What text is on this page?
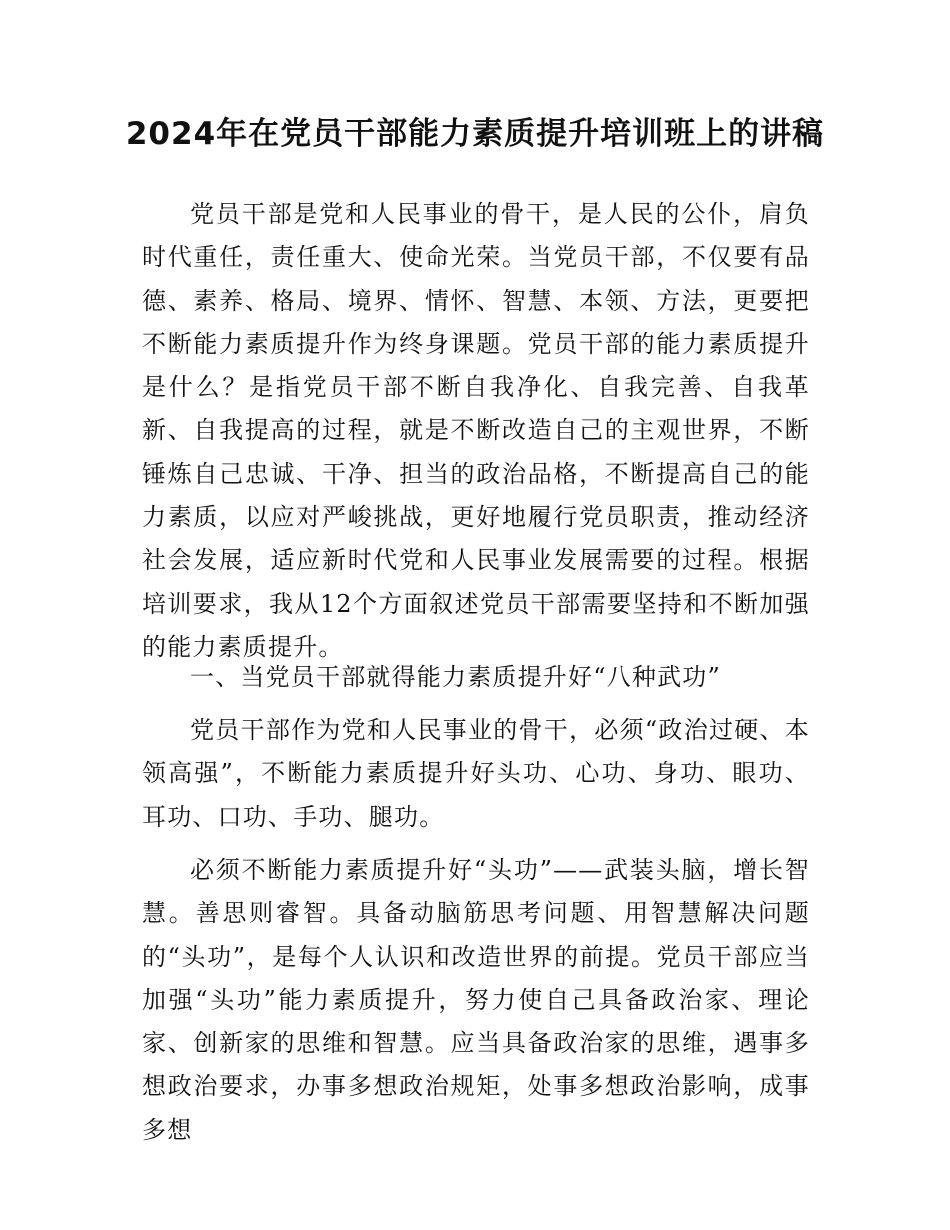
2024年在党员干部能力素质提升培训班上的讲稿

党员干部是党和人民事业的骨干，是人民的公仆，肩负时代重任，责任重大、使命光荣。当党员干部，不仅要有品德、素养、格局、境界、情怀、智慧、本领、方法，更要把不断能力素质提升作为终身课题。党员干部的能力素质提升是什么？是指党员干部不断自我净化、自我完善、自我革新、自我提高的过程，就是不断改造自己的主观世界，不断锤炼自己忠诚、干净、担当的政治品格，不断提高自己的能力素质，以应对严峻挑战，更好地履行党员职责，推动经济社会发展，适应新时代党和人民事业发展需要的过程。根据培训要求，我从12个方面叙述党员干部需要坚持和不断加强的能力素质提升。

一、当党员干部就得能力素质提升好“八种武功”

党员干部作为党和人民事业的骨干，必须“政治过硬、本领高强”，不断能力素质提升好头功、心功、身功、眼功、耳功、口功、手功、腿功。

必须不断能力素质提升好“头功”——武装头脑，增长智慧。善思则睿智。具备动脑筋思考问题、用智慧解决问题的“头功”，是每个人认识和改造世界的前提。党员干部应当加强“头功”能力素质提升，努力使自己具备政治家、理论家、创新家的思维和智慧。应当具备政治家的思维，遇事多想政治要求，办事多想政治规矩，处事多想政治影响，成事多想
